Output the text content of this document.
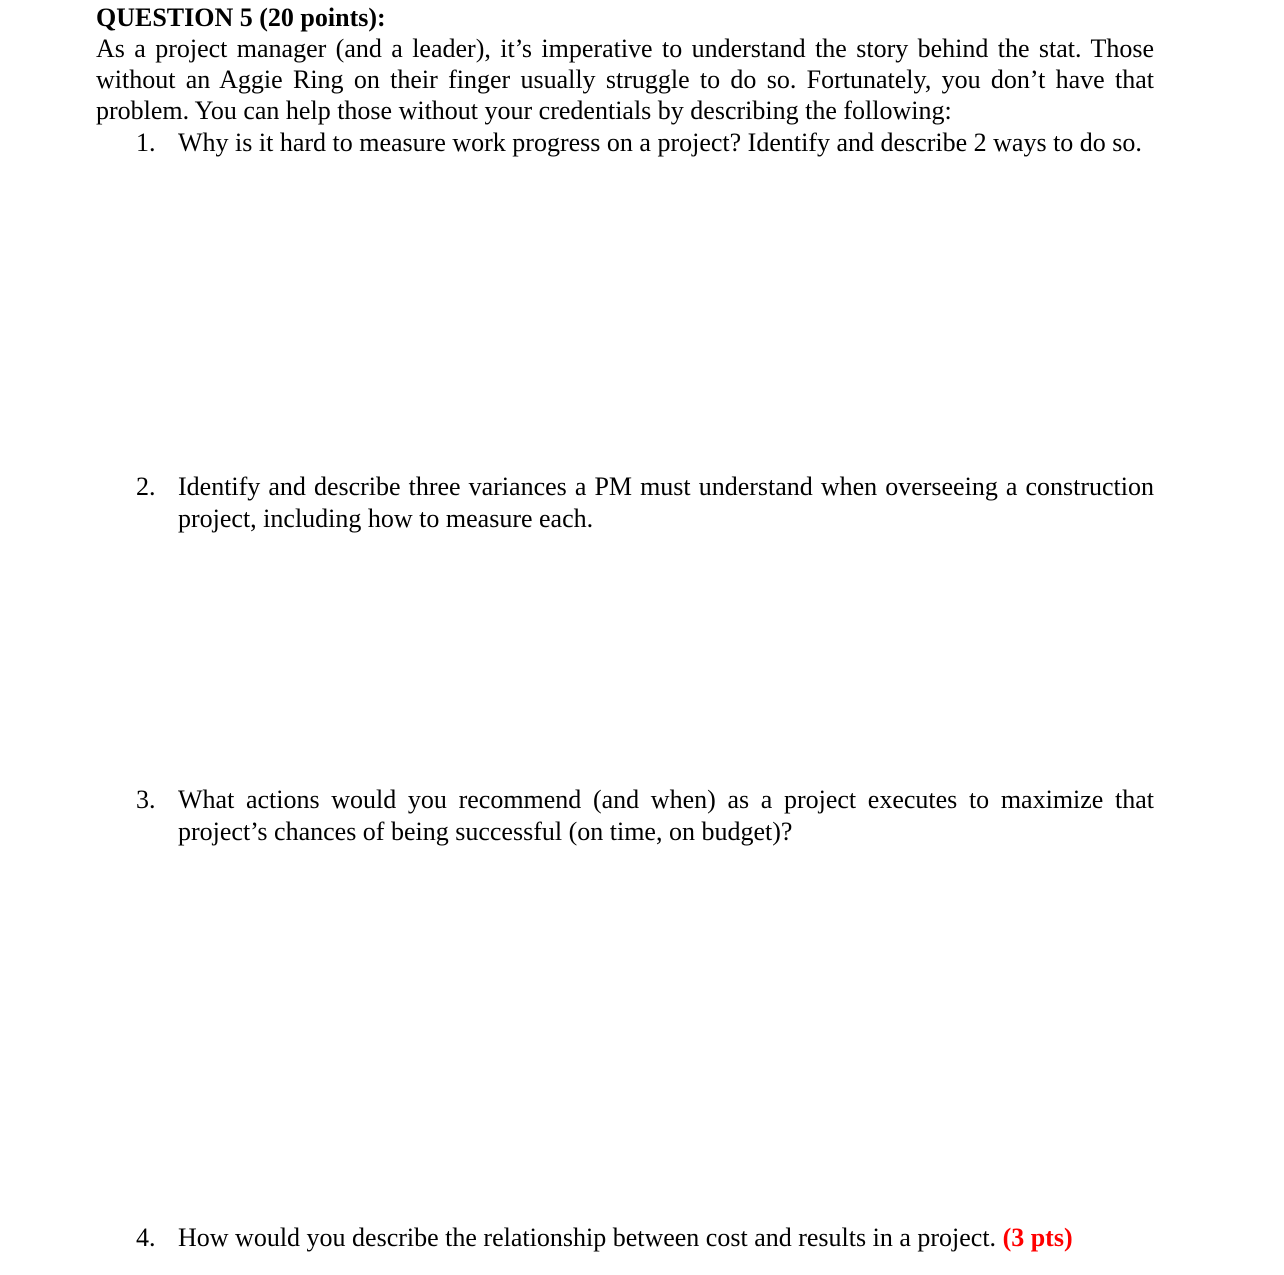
QUESTION 5 (20 points):
As a project manager (and a leader), it’s imperative to understand the story behind the stat. Those without an Aggie Ring on their finger usually struggle to do so. Fortunately, you don’t have that problem. You can help those without your credentials by describing the following:
1. Why is it hard to measure work progress on a project? Identify and describe 2 ways to do so.
2. Identify and describe three variances a PM must understand when overseeing a construction project, including how to measure each.
3. What actions would you recommend (and when) as a project executes to maximize that project’s chances of being successful (on time, on budget)?
4. How would you describe the relationship between cost and results in a project. (3 pts)
